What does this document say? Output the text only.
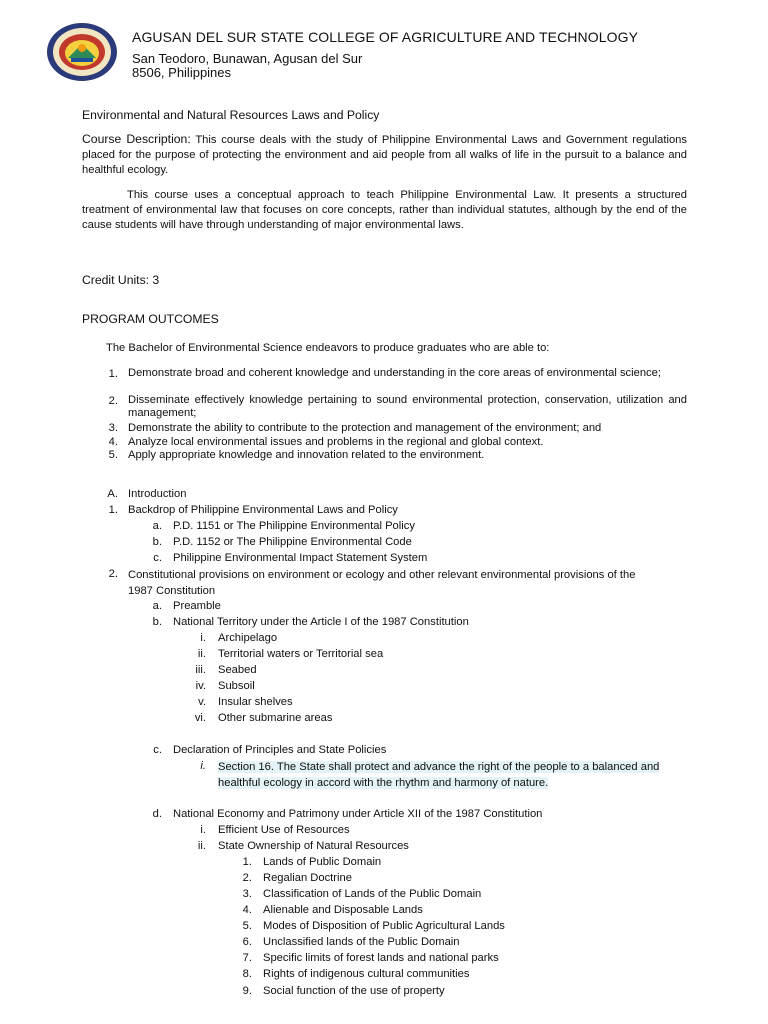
AGUSAN DEL SUR STATE COLLEGE OF AGRICULTURE AND TECHNOLOGY
San Teodoro, Bunawan, Agusan del Sur
8506, Philippines
Environmental and Natural Resources Laws and Policy
Course Description: This course deals with the study of Philippine Environmental Laws and Government regulations placed for the purpose of protecting the environment and aid people from all walks of life in the pursuit to a balance and healthful ecology.
This course uses a conceptual approach to teach Philippine Environmental Law. It presents a structured treatment of environmental law that focuses on core concepts, rather than individual statutes, although by the end of the cause students will have through understanding of major environmental laws.
Credit Units: 3
PROGRAM OUTCOMES
The Bachelor of Environmental Science endeavors to produce graduates who are able to:
1. Demonstrate broad and coherent knowledge and understanding in the core areas of environmental science;
2. Disseminate effectively knowledge pertaining to sound environmental protection, conservation, utilization and management;
3. Demonstrate the ability to contribute to the protection and management of the environment; and
4. Analyze local environmental issues and problems in the regional and global context.
5. Apply appropriate knowledge and innovation related to the environment.
A. Introduction
1. Backdrop of Philippine Environmental Laws and Policy
a. P.D. 1151 or The Philippine Environmental Policy
b. P.D. 1152 or The Philippine Environmental Code
c. Philippine Environmental Impact Statement System
2. Constitutional provisions on environment or ecology and other relevant environmental provisions of the 1987 Constitution
a. Preamble
b. National Territory under the Article I of the 1987 Constitution
i. Archipelago
ii. Territorial waters or Territorial sea
iii. Seabed
iv. Subsoil
v. Insular shelves
vi. Other submarine areas
c. Declaration of Principles and State Policies
i. Section 16. The State shall protect and advance the right of the people to a balanced and healthful ecology in accord with the rhythm and harmony of nature.
d. National Economy and Patrimony under Article XII of the 1987 Constitution
i. Efficient Use of Resources
ii. State Ownership of Natural Resources
1. Lands of Public Domain
2. Regalian Doctrine
3. Classification of Lands of the Public Domain
4. Alienable and Disposable Lands
5. Modes of Disposition of Public Agricultural Lands
6. Unclassified lands of the Public Domain
7. Specific limits of forest lands and national parks
8. Rights of indigenous cultural communities
9. Social function of the use of property
